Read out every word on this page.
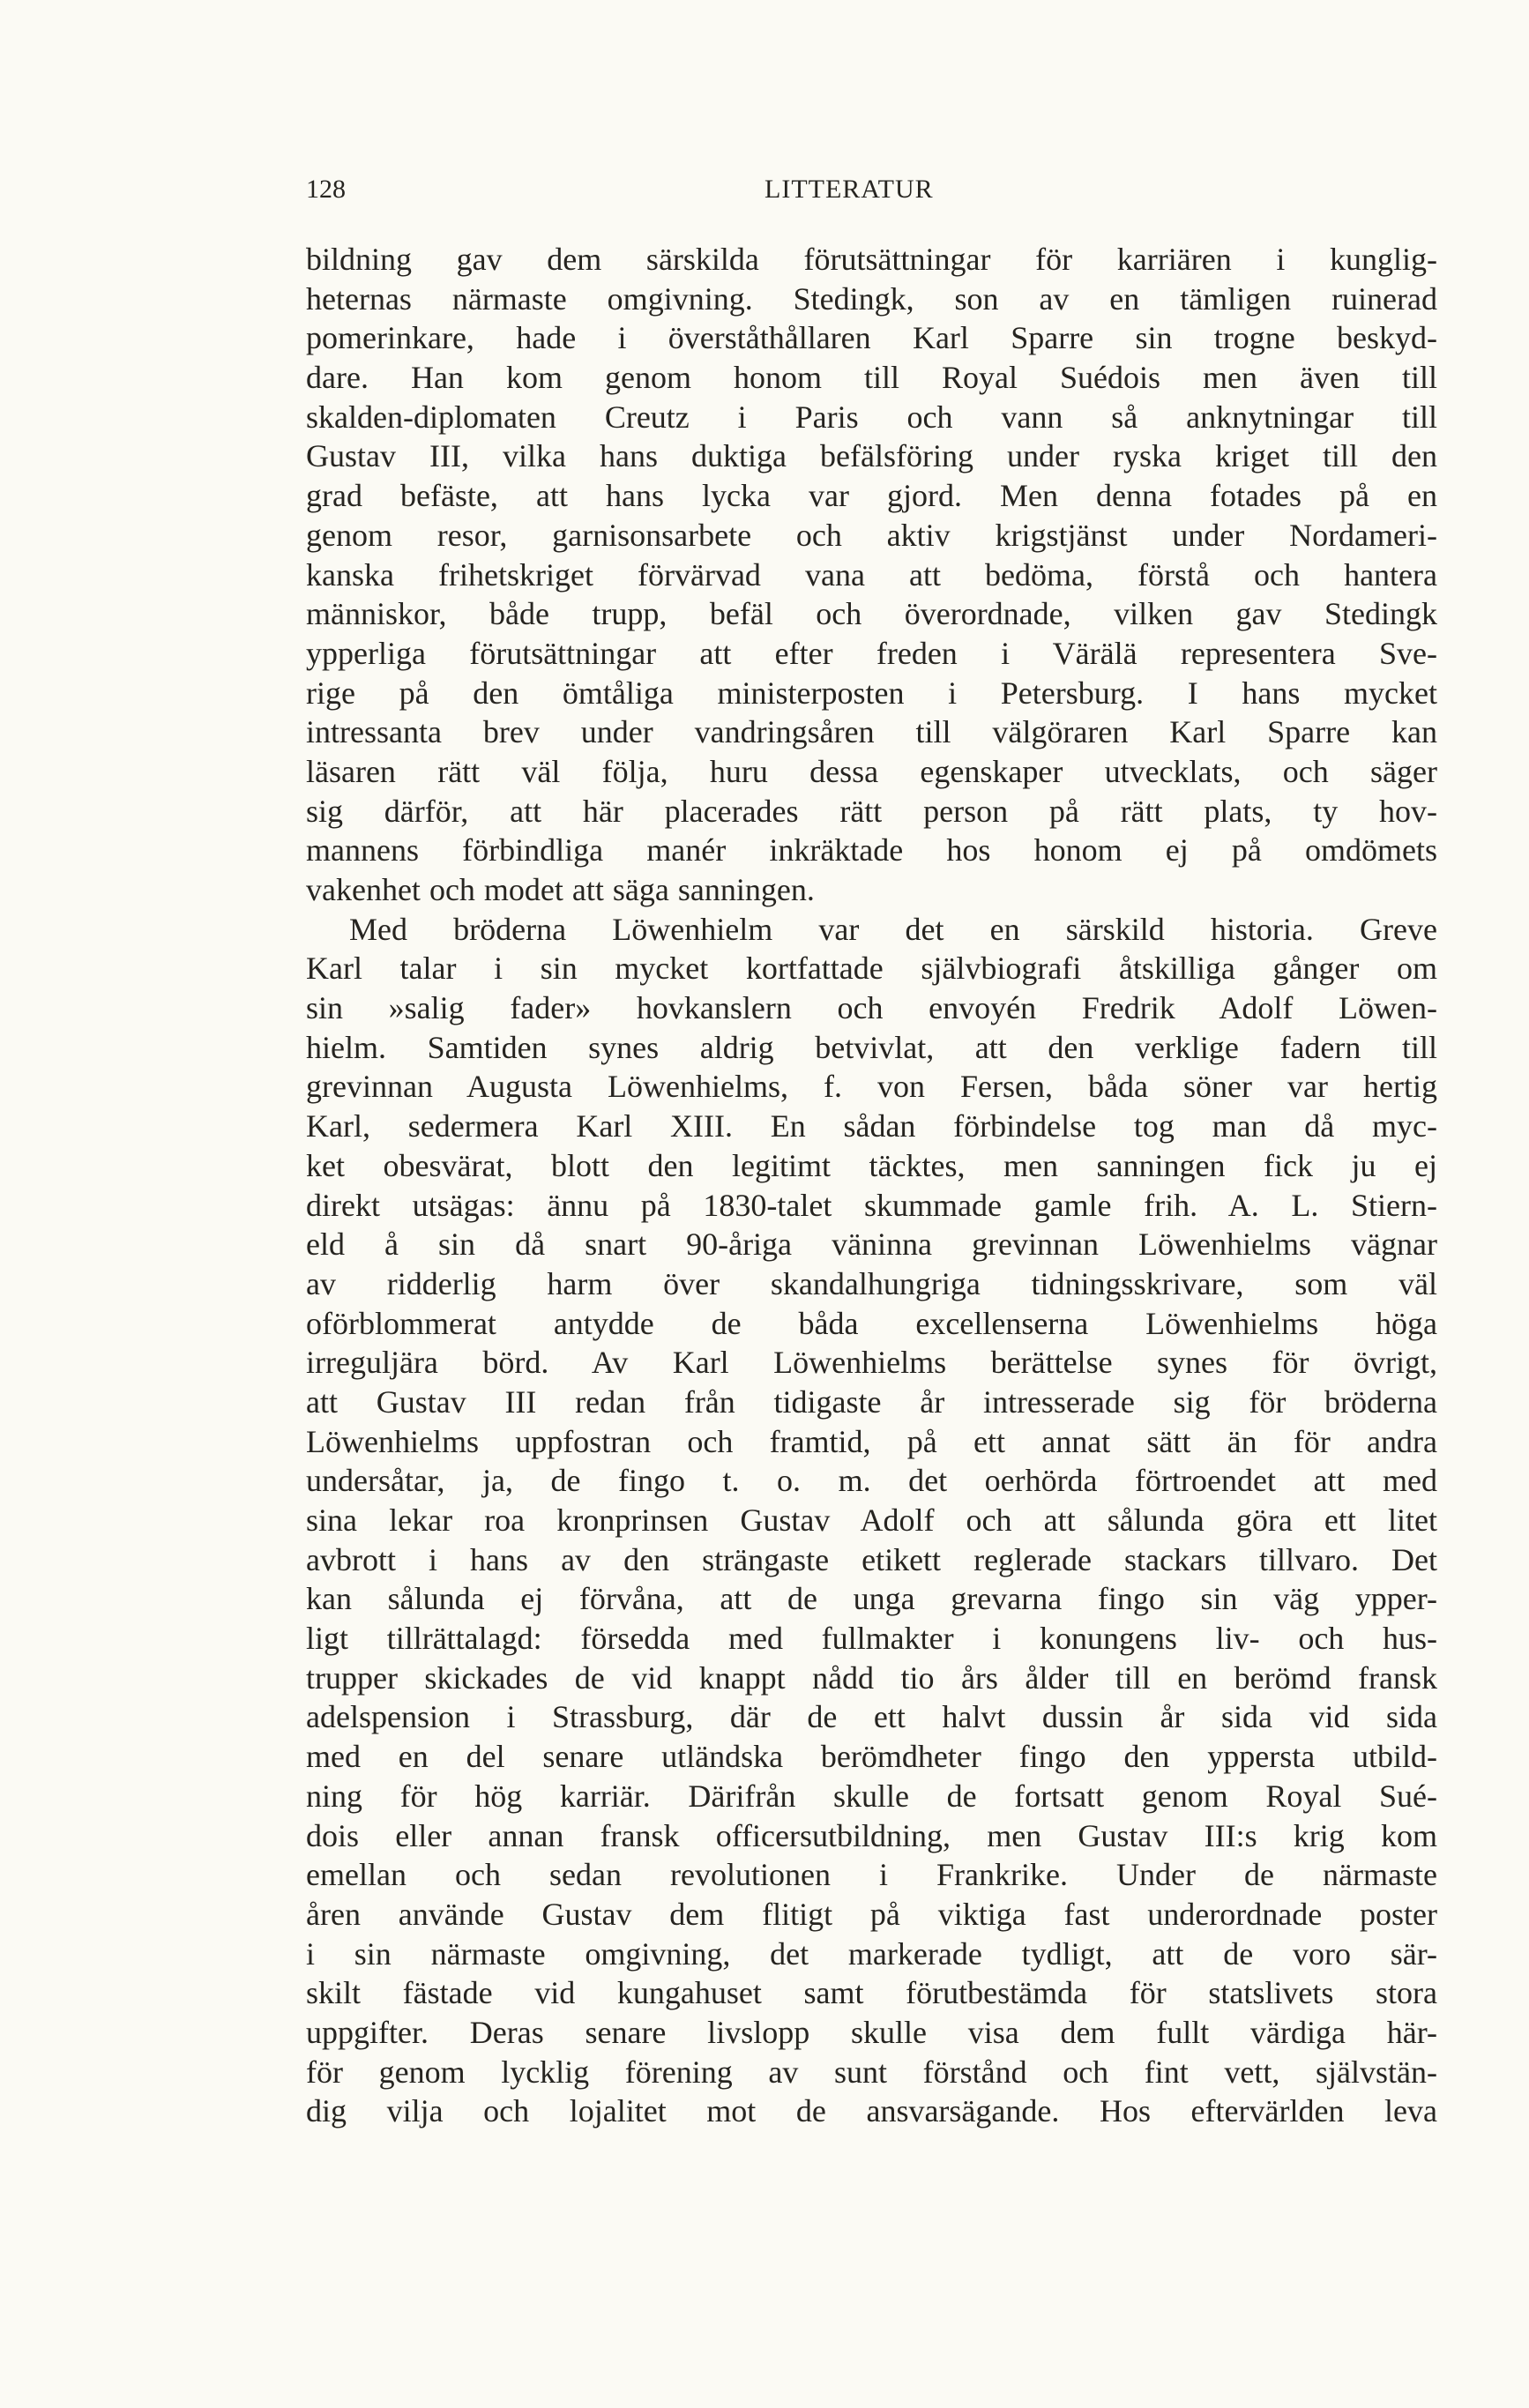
128	LITTERATUR
bildning gav dem särskilda förutsättningar för karriären i kunglig-
heternas närmaste omgivning. Stedingk, son av en tämligen ruinerad
pomerinkare, hade i överståthållaren Karl Sparre sin trogne beskyd-
dare. Han kom genom honom till Royal Suédois men även till
skalden-diplomaten Creutz i Paris och vann så anknytningar till
Gustav III, vilka hans duktiga befälsföring under ryska kriget till den
grad befäste, att hans lycka var gjord. Men denna fotades på en
genom resor, garnisonsarbete och aktiv krigstjänst under Nordameri-
kanska frihetskriget förvärvad vana att bedöma, förstå och hantera
människor, både trupp, befäl och överordnade, vilken gav Stedingk
ypperliga förutsättningar att efter freden i Värälä representera Sve-
rige på den ömtåliga ministerposten i Petersburg. I hans mycket
intressanta brev under vandringsåren till välgöraren Karl Sparre kan
läsaren rätt väl följa, huru dessa egenskaper utvecklats, och säger
sig därför, att här placerades rätt person på rätt plats, ty hov-
mannens förbindliga manér inkräktade hos honom ej på omdömets
vakenhet och modet att säga sanningen.
Med bröderna Löwenhielm var det en särskild historia. Greve
Karl talar i sin mycket kortfattade självbiografi åtskilliga gånger om
sin »salig fader» hovkanslern och envoyén Fredrik Adolf Löwen-
hielm. Samtiden synes aldrig betvivlat, att den verklige fadern till
grevinnan Augusta Löwenhielms, f. von Fersen, båda söner var hertig
Karl, sedermera Karl XIII. En sådan förbindelse tog man då myc-
ket obesvärat, blott den legitimt täcktes, men sanningen fick ju ej
direkt utsägas: ännu på 1830-talet skummade gamle frih. A. L. Stiern-
eld å sin då snart 90-åriga väninna grevinnan Löwenhielms vägnar
av ridderlig harm över skandalhungriga tidningsskrivare, som väl
oförblommerat antydde de båda excellenserna Löwenhielms höga
irreguljära börd. Av Karl Löwenhielms berättelse synes för övrigt,
att Gustav III redan från tidigaste år intresserade sig för bröderna
Löwenhielms uppfostran och framtid, på ett annat sätt än för andra
undersåtar, ja, de fingo t. o. m. det oerhörda förtroendet att med
sina lekar roa kronprinsen Gustav Adolf och att sålunda göra ett litet
avbrott i hans av den strängaste etikett reglerade stackars tillvaro. Det
kan sålunda ej förvåna, att de unga grevarna fingo sin väg ypper-
ligt tillrättalagd: försedda med fullmakter i konungens liv- och hus-
trupper skickades de vid knappt nådd tio års ålder till en berömd fransk
adelspension i Strassburg, där de ett halvt dussin år sida vid sida
med en del senare utländska berömdheter fingo den yppersta utbild-
ning för hög karriär. Därifrån skulle de fortsatt genom Royal Sué-
dois eller annan fransk officersutbildning, men Gustav III:s krig kom
emellan och sedan revolutionen i Frankrike. Under de närmaste
åren använde Gustav dem flitigt på viktiga fast underordnade poster
i sin närmaste omgivning, det markerade tydligt, att de voro sär-
skilt fästade vid kungahuset samt förutbestämda för statslivets stora
uppgifter. Deras senare livslopp skulle visa dem fullt värdiga här-
för genom lycklig förening av sunt förstånd och fint vett, självstän-
dig vilja och lojalitet mot de ansvarsägande. Hos eftervärlden leva
